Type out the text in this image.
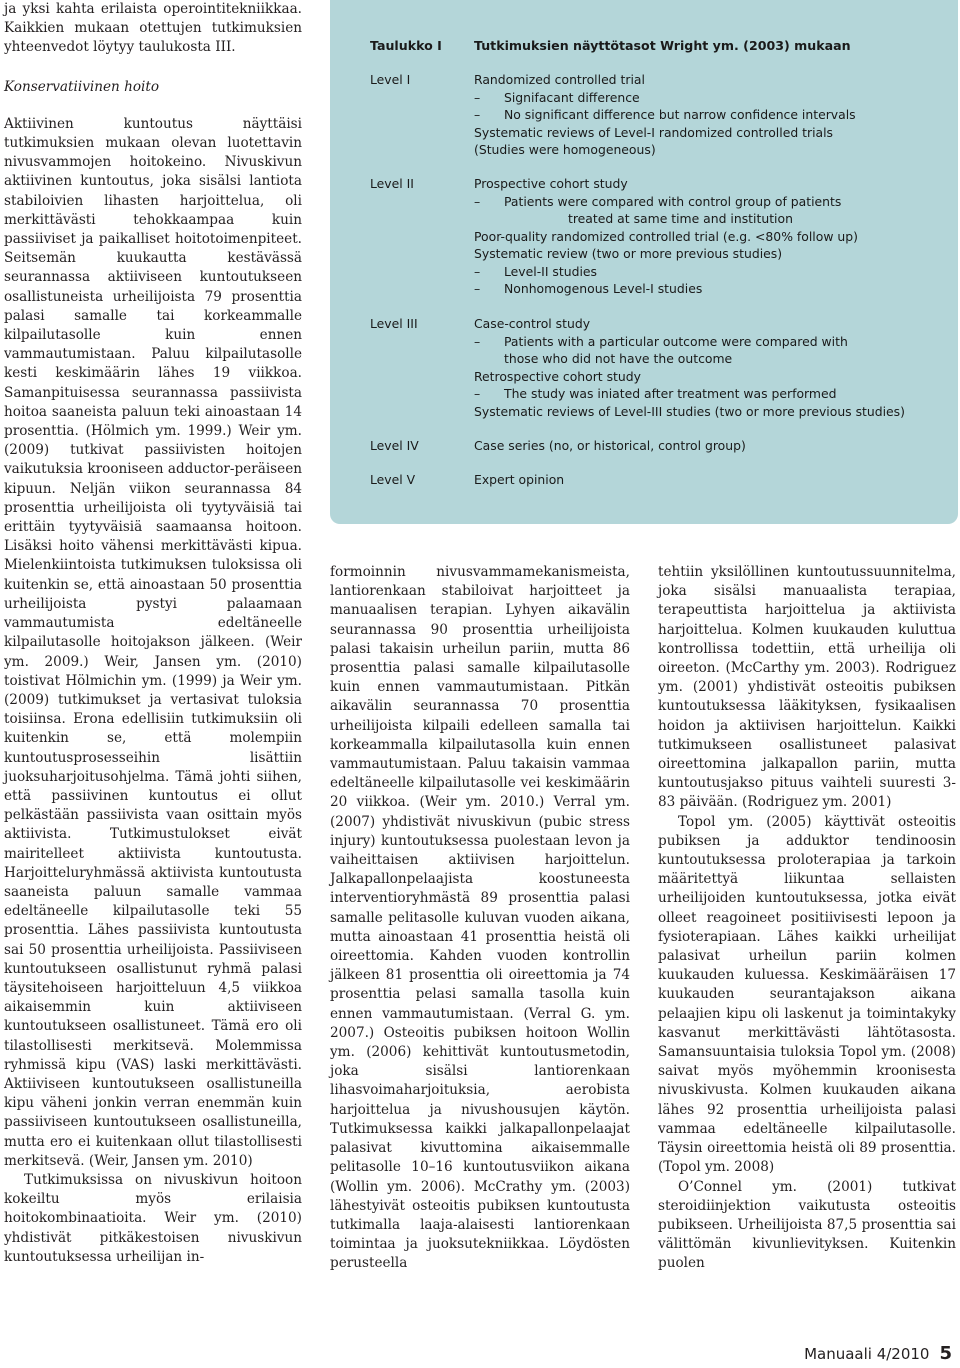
ja yksi kahta erilaista operointitekniikkaa. Kaikkien mukaan otettujen tutkimuksien yhteenvedot löytyy taulukosta III.

Konservatiivinen hoito

Aktiivinen kuntoutus näyttäisi tutkimuksien mukaan olevan luotettavin nivusvammojen hoitokeino. Nivuskivun aktiivinen kuntoutus, joka sisälsi lantiota stabiloivien lihasten harjoittelua, oli merkittävästi tehokkaampaa kuin passiiviset ja paikalliset hoitotoimenpiteet. Seitsemän kuukautta kestävässä seurannassa aktiiviseen kuntoutukseen osallistuneista urheilijoista 79 prosenttia palasi samalle tai korkeammalle kilpailutasolle kuin ennen vammautumistaan. Paluu kilpailutasolle kesti keskimäärin lähes 19 viikkoa. Samanpituisessa seurannassa passiivista hoitoa saaneista paluun teki ainoastaan 14 prosenttia. (Hölmich ym. 1999.) Weir ym. (2009) tutkivat passiivisten hoitojen vaikutuksia krooniseen adductor-peräiseen kipuun. Neljän viikon seurannassa 84 prosenttia urheilijoista oli tyytyväisiä tai erittäin tyytyväisiä saamaansa hoitoon. Lisäksi hoito vähensi merkittävästi kipua. Mielenkiintoista tutkimuksen tuloksissa oli kuitenkin se, että ainoastaan 50 prosenttia urheilijoista pystyi palaamaan vammautumista edeltäneelle kilpailutasolle hoitojakson jälkeen. (Weir ym. 2009.) Weir, Jansen ym. (2010) toistivat Hölmichin ym. (1999) ja Weir ym. (2009) tutkimukset ja vertasivat tuloksia toisiinsa. Erona edellisiin tutkimuksiin oli kuitenkin se, että molempiin kuntoutusprosesseihin lisättiin juoksuharjoitusohjelma. Tämä johti siihen, että passiivinen kuntoutus ei ollut pelkästään passiivista vaan osittain myös aktiivista. Tutkimustulokset eivät mairitelleet aktiivista kuntoutusta. Harjoitteluryhmässä aktiivista kuntoutusta saaneista paluun samalle vammaa edeltäneelle kilpailutasolle teki 55 prosenttia. Lähes passiivista kuntoutusta sai 50 prosenttia urheilijoista. Passiiviseen kuntoutukseen osallistunut ryhmä palasi täysitehoiseen harjoitteluun 4,5 viikkoa aikaisemmin kuin aktiiviseen kuntoutukseen osallistuneet. Tämä ero oli tilastollisesti merkitsevä. Molemmissa ryhmissä kipu (VAS) laski merkittävästi. Aktiiviseen kuntoutukseen osallistuneilla kipu väheni jonkin verran enemmän kuin passiiviseen kuntoutukseen osallistuneilla, mutta ero ei kuitenkaan ollut tilastollisesti merkitsevä. (Weir, Jansen ym. 2010)

Tutkimuksissa on nivuskivun hoitoon kokeiltu myös erilaisia hoitokombinaatioita. Weir ym. (2010) yhdistivät pitkäkestoisen nivuskivun kuntoutuksessa urheilijan in-

Taulukko I	Tutkimuksien näyttötasot Wright ym. (2003) mukaan
Level I	Randomized controlled trial
– Signifacant difference
– No significant difference but narrow confidence intervals
Systematic reviews of Level-I randomized controlled trials
(Studies were homogeneous)
Level II	Prospective cohort study
– Patients were compared with control group of patients
treated at same time and institution
Poor-quality randomized controlled trial (e.g. <80% follow up)
Systematic review (two or more previous studies)
– Level-II studies
– Nonhomogenous Level-I studies
Level III	Case-control study
– Patients with a particular outcome were compared with
those who did not have the outcome
Retrospective cohort study
– The study was iniated after treatment was performed
Systematic reviews of Level-III studies (two or more previous studies)
Level IV	Case series (no, or historical, control group)
Level V	Expert opinion

formoinnin nivusvammamekanismeista, lantiorenkaan stabiloivat harjoitteet ja manuaalisen terapian. Lyhyen aikavälin seurannassa 90 prosenttia urheilijoista palasi takaisin urheilun pariin, mutta 86 prosenttia palasi samalle kilpailutasolle kuin ennen vammautumistaan. Pitkän aikavälin seurannassa 70 prosenttia urheilijoista kilpaili edelleen samalla tai korkeammalla kilpailutasolla kuin ennen vammautumistaan. Paluu takaisin vammaa edeltäneelle kilpailutasolle vei keskimäärin 20 viikkoa. (Weir ym. 2010.) Verral ym. (2007) yhdistivät nivuskivun (pubic stress injury) kuntoutuksessa puolestaan levon ja vaiheittaisen aktiivisen harjoittelun. Jalkapallonpelaajista koostuneesta interventioryhmästä 89 prosenttia palasi samalle pelitasolle kuluvan vuoden aikana, mutta ainoastaan 41 prosenttia heistä oli oireettomia. Kahden vuoden kontrollin jälkeen 81 prosenttia oli oireettomia ja 74 prosenttia pelasi samalla tasolla kuin ennen vammautumistaan. (Verral G. ym. 2007.) Osteoitis pubiksen hoitoon Wollin ym. (2006) kehittivät kuntoutusmetodin, joka sisälsi lantiorenkaan lihasvoimaharjoituksia, aerobista harjoittelua ja nivushousujen käytön. Tutkimuksessa kaikki jalkapallonpelaajat palasivat kivuttomina aikaisemmalle pelitasolle 10–16 kuntoutusviikon aikana (Wollin ym. 2006). McCrathy ym. (2003) lähestyivät osteoitis pubiksen kuntoutusta tutkimalla laaja-alaisesti lantiorenkaan toimintaa ja juoksutekniikkaa. Löydösten perusteella

tehtiin yksilöllinen kuntoutussuunnitelma, joka sisälsi manuaalista terapiaa, terapeuttista harjoittelua ja aktiivista harjoittelua. Kolmen kuukauden kuluttua kontrollissa todettiin, että urheilija oli oireeton. (McCarthy ym. 2003). Rodriguez ym. (2001) yhdistivät osteoitis pubiksen kuntoutuksessa lääkityksen, fysikaalisen hoidon ja aktiivisen harjoittelun. Kaikki tutkimukseen osallistuneet palasivat oireettomina jalkapallon pariin, mutta kuntoutusjakso pituus vaihteli suuresti 3-83 päivään. (Rodriguez ym. 2001)

Topol ym. (2005) käyttivät osteoitis pubiksen ja adduktor tendinoosin kuntoutuksessa proloterapiaa ja tarkoin määritettyä liikuntaa sellaisten urheilijoiden kuntoutuksessa, jotka eivät olleet reagoineet positiivisesti lepoon ja fysioterapiaan. Lähes kaikki urheilijat palasivat urheilun pariin kolmen kuukauden kuluessa. Keskimääräisen 17 kuukauden seurantajakson aikana pelaajien kipu oli laskenut ja toimintakyky kasvanut merkittävästi lähtötasosta. Samansuuntaisia tuloksia Topol ym. (2008) saivat myös myöhemmin kroonisesta nivuskivusta. Kolmen kuukauden aikana lähes 92 prosenttia urheilijoista palasi vammaa edeltäneelle kilpailutasolle. Täysin oireettomia heistä oli 89 prosenttia. (Topol ym. 2008)

O’Connel ym. (2001) tutkivat steroidiinjektion vaikutusta osteoitis pubikseen. Urheilijoista 87,5 prosenttia sai välittömän kivunlievityksen. Kuitenkin puolen

Manuaali 4/2010 5
